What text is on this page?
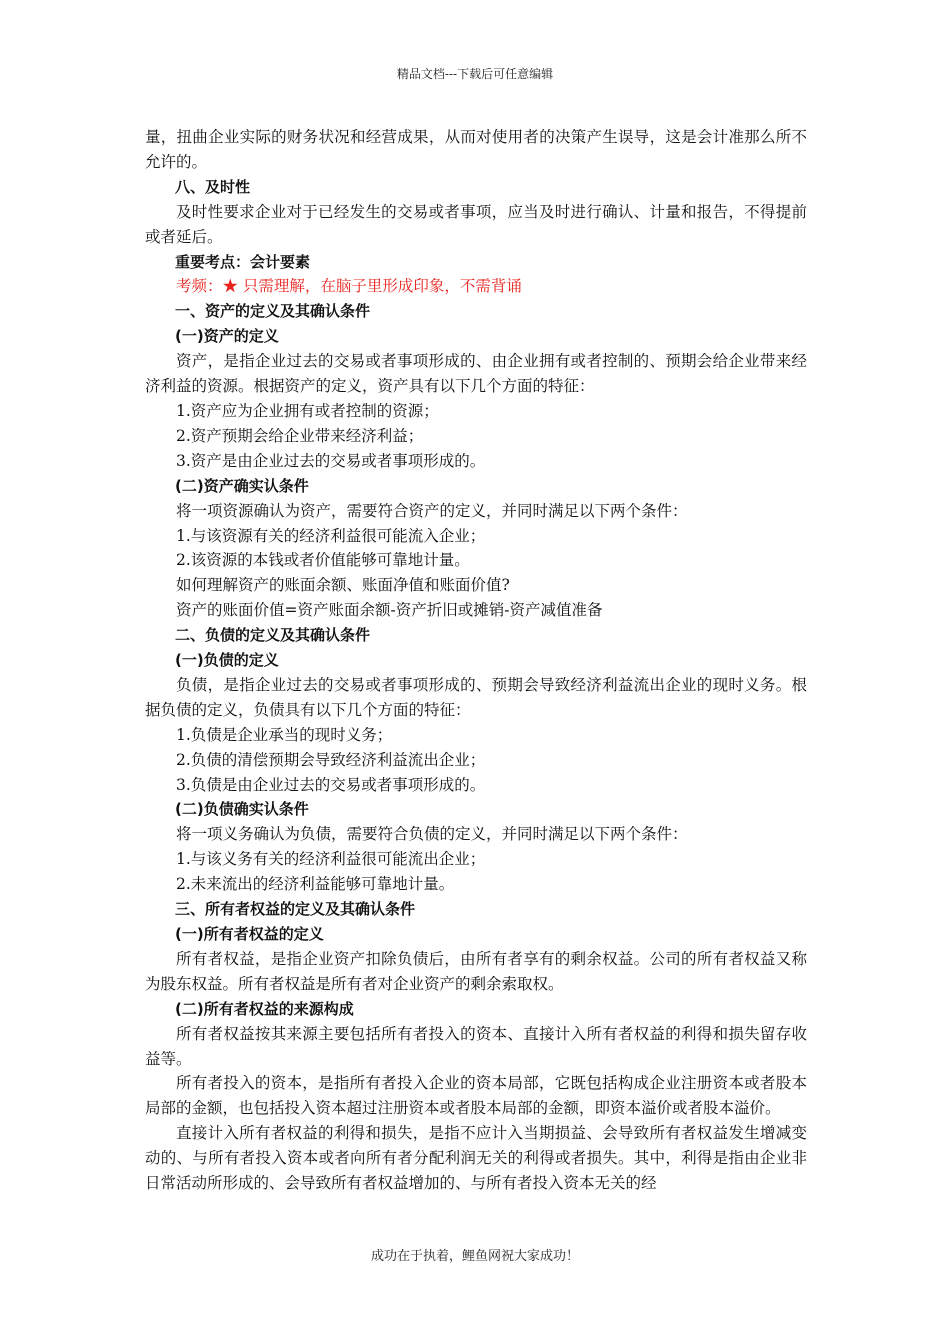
精品文档---下载后可任意编辑

量，扭曲企业实际的财务状况和经营成果，从而对使用者的决策产生误导，这是会计准那么所不允许的。

八、及时性

及时性要求企业对于已经发生的交易或者事项，应当及时进行确认、计量和报告，不得提前或者延后。

重要考点：会计要素

考频：★ 只需理解，在脑子里形成印象，不需背诵

一、资产的定义及其确认条件

(一)资产的定义

资产，是指企业过去的交易或者事项形成的、由企业拥有或者控制的、预期会给企业带来经济利益的资源。根据资产的定义，资产具有以下几个方面的特征：

1.资产应为企业拥有或者控制的资源；

2.资产预期会给企业带来经济利益；

3.资产是由企业过去的交易或者事项形成的。

(二)资产确实认条件

将一项资源确认为资产，需要符合资产的定义，并同时满足以下两个条件：

1.与该资源有关的经济利益很可能流入企业；

2.该资源的本钱或者价值能够可靠地计量。

如何理解资产的账面余额、账面净值和账面价值?

资产的账面价值=资产账面余额-资产折旧或摊销-资产减值准备

二、负债的定义及其确认条件

(一)负债的定义

负债，是指企业过去的交易或者事项形成的、预期会导致经济利益流出企业的现时义务。根据负债的定义，负债具有以下几个方面的特征：

1.负债是企业承当的现时义务；

2.负债的清偿预期会导致经济利益流出企业；

3.负债是由企业过去的交易或者事项形成的。

(二)负债确实认条件

将一项义务确认为负债，需要符合负债的定义，并同时满足以下两个条件：

1.与该义务有关的经济利益很可能流出企业；

2.未来流出的经济利益能够可靠地计量。

三、所有者权益的定义及其确认条件

(一)所有者权益的定义

所有者权益，是指企业资产扣除负债后，由所有者享有的剩余权益。公司的所有者权益又称为股东权益。所有者权益是所有者对企业资产的剩余索取权。

(二)所有者权益的来源构成

所有者权益按其来源主要包括所有者投入的资本、直接计入所有者权益的利得和损失留存收益等。

所有者投入的资本，是指所有者投入企业的资本局部，它既包括构成企业注册资本或者股本局部的金额，也包括投入资本超过注册资本或者股本局部的金额，即资本溢价或者股本溢价。

直接计入所有者权益的利得和损失，是指不应计入当期损益、会导致所有者权益发生增减变动的、与所有者投入资本或者向所有者分配利润无关的利得或者损失。其中，利得是指由企业非日常活动所形成的、会导致所有者权益增加的、与所有者投入资本无关的经

成功在于执着，鲤鱼网祝大家成功！
